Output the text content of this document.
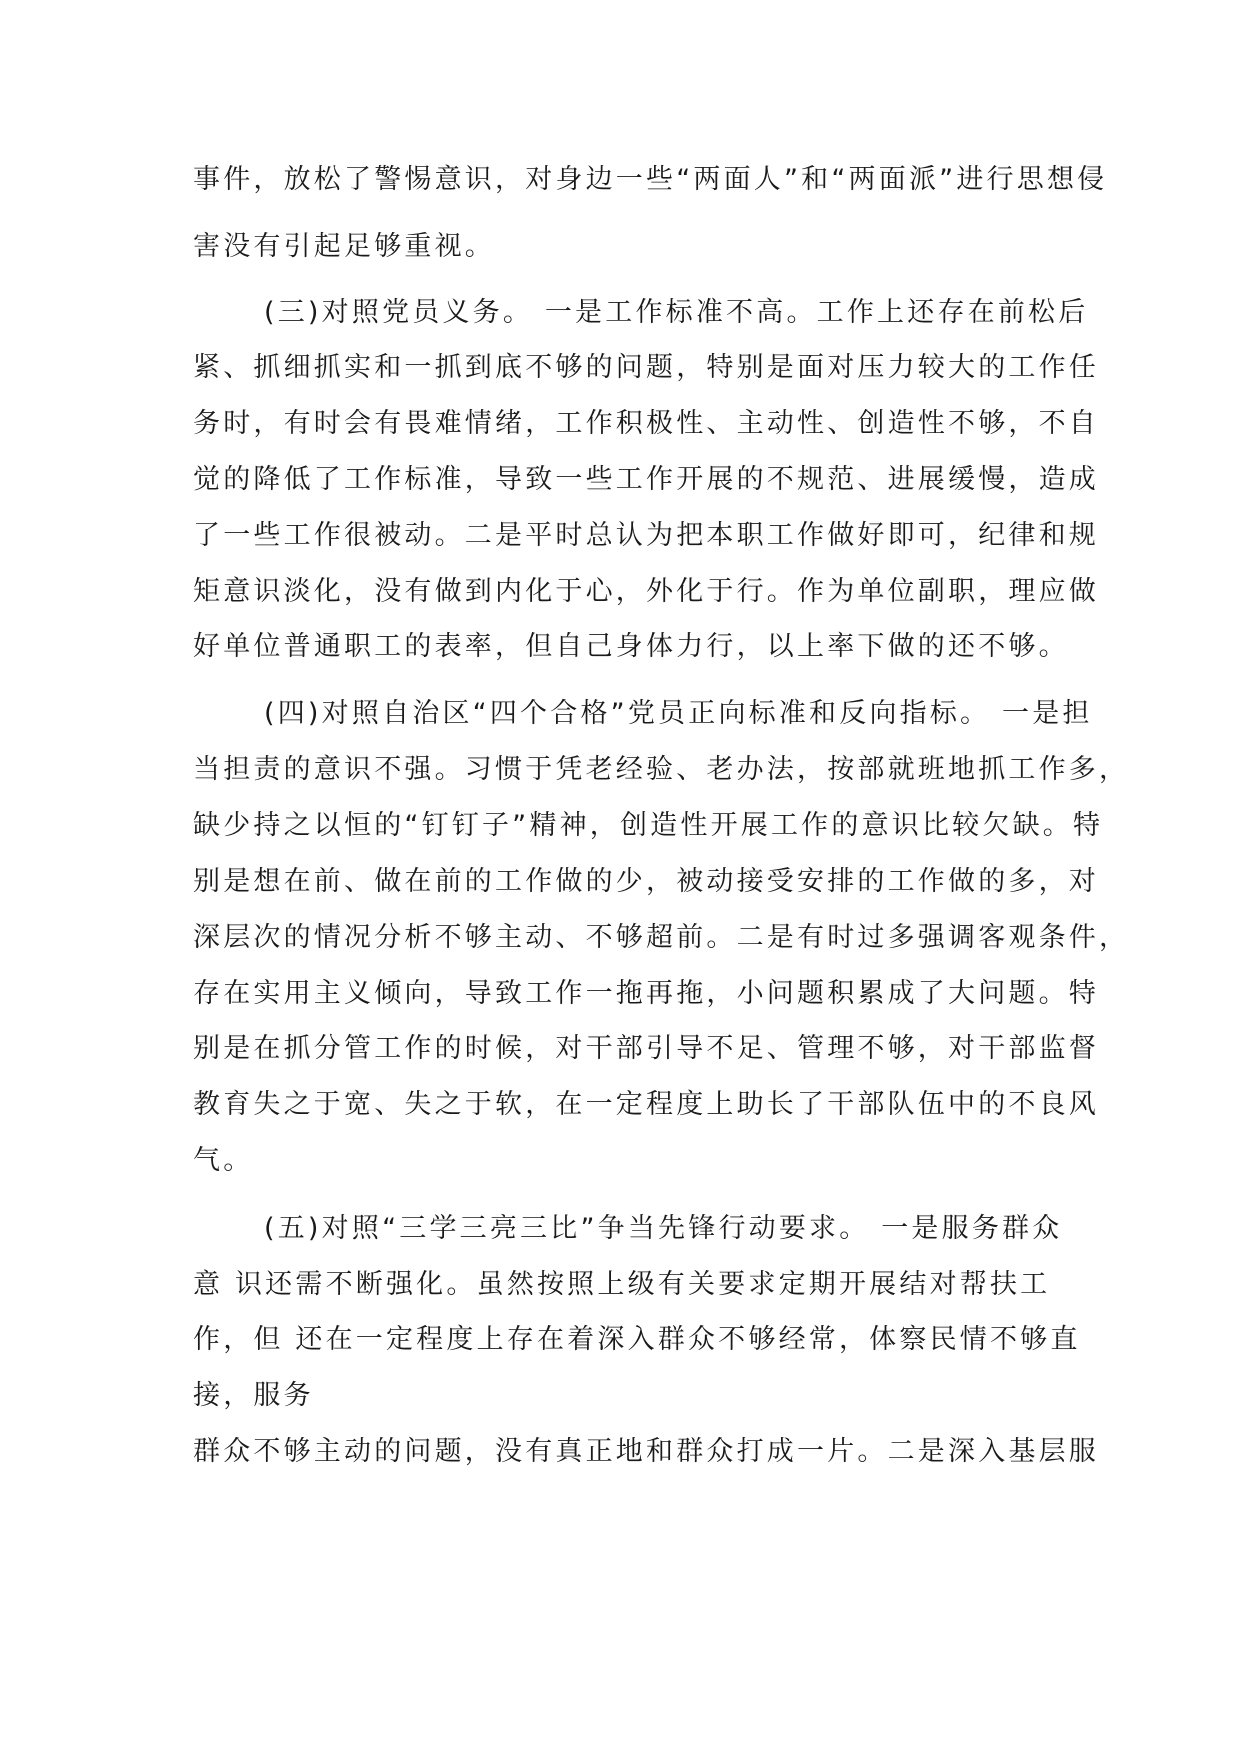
事件，放松了警惕意识，对身边一些“两面人”和“两面派”进行思想侵
害没有引起足够重视。
(三)对照党员义务。 一是工作标准不高。工作上还存在前松后
紧、抓细抓实和一抓到底不够的问题，特别是面对压力较大的工作任
务时，有时会有畏难情绪，工作积极性、主动性、创造性不够，不自
觉的降低了工作标准，导致一些工作开展的不规范、进展缓慢，造成
了一些工作很被动。二是平时总认为把本职工作做好即可，纪律和规
矩意识淡化，没有做到内化于心，外化于行。作为单位副职，理应做
好单位普通职工的表率，但自己身体力行，以上率下做的还不够。
(四)对照自治区“四个合格”党员正向标准和反向指标。 一是担
当担责的意识不强。习惯于凭老经验、老办法，按部就班地抓工作多，
缺少持之以恒的“钉钉子”精神，创造性开展工作的意识比较欠缺。特
别是想在前、做在前的工作做的少，被动接受安排的工作做的多，对
深层次的情况分析不够主动、不够超前。二是有时过多强调客观条件，
存在实用主义倾向，导致工作一拖再拖，小问题积累成了大问题。特
别是在抓分管工作的时候，对干部引导不足、管理不够，对干部监督
教育失之于宽、失之于软，在一定程度上助长了干部队伍中的不良风
气。
(五)对照“三学三亮三比”争当先锋行动要求。 一是服务群众
意 识还需不断强化。虽然按照上级有关要求定期开展结对帮扶工
作，但 还在一定程度上存在着深入群众不够经常，体察民情不够直
接，服务
群众不够主动的问题，没有真正地和群众打成一片。二是深入基层服
